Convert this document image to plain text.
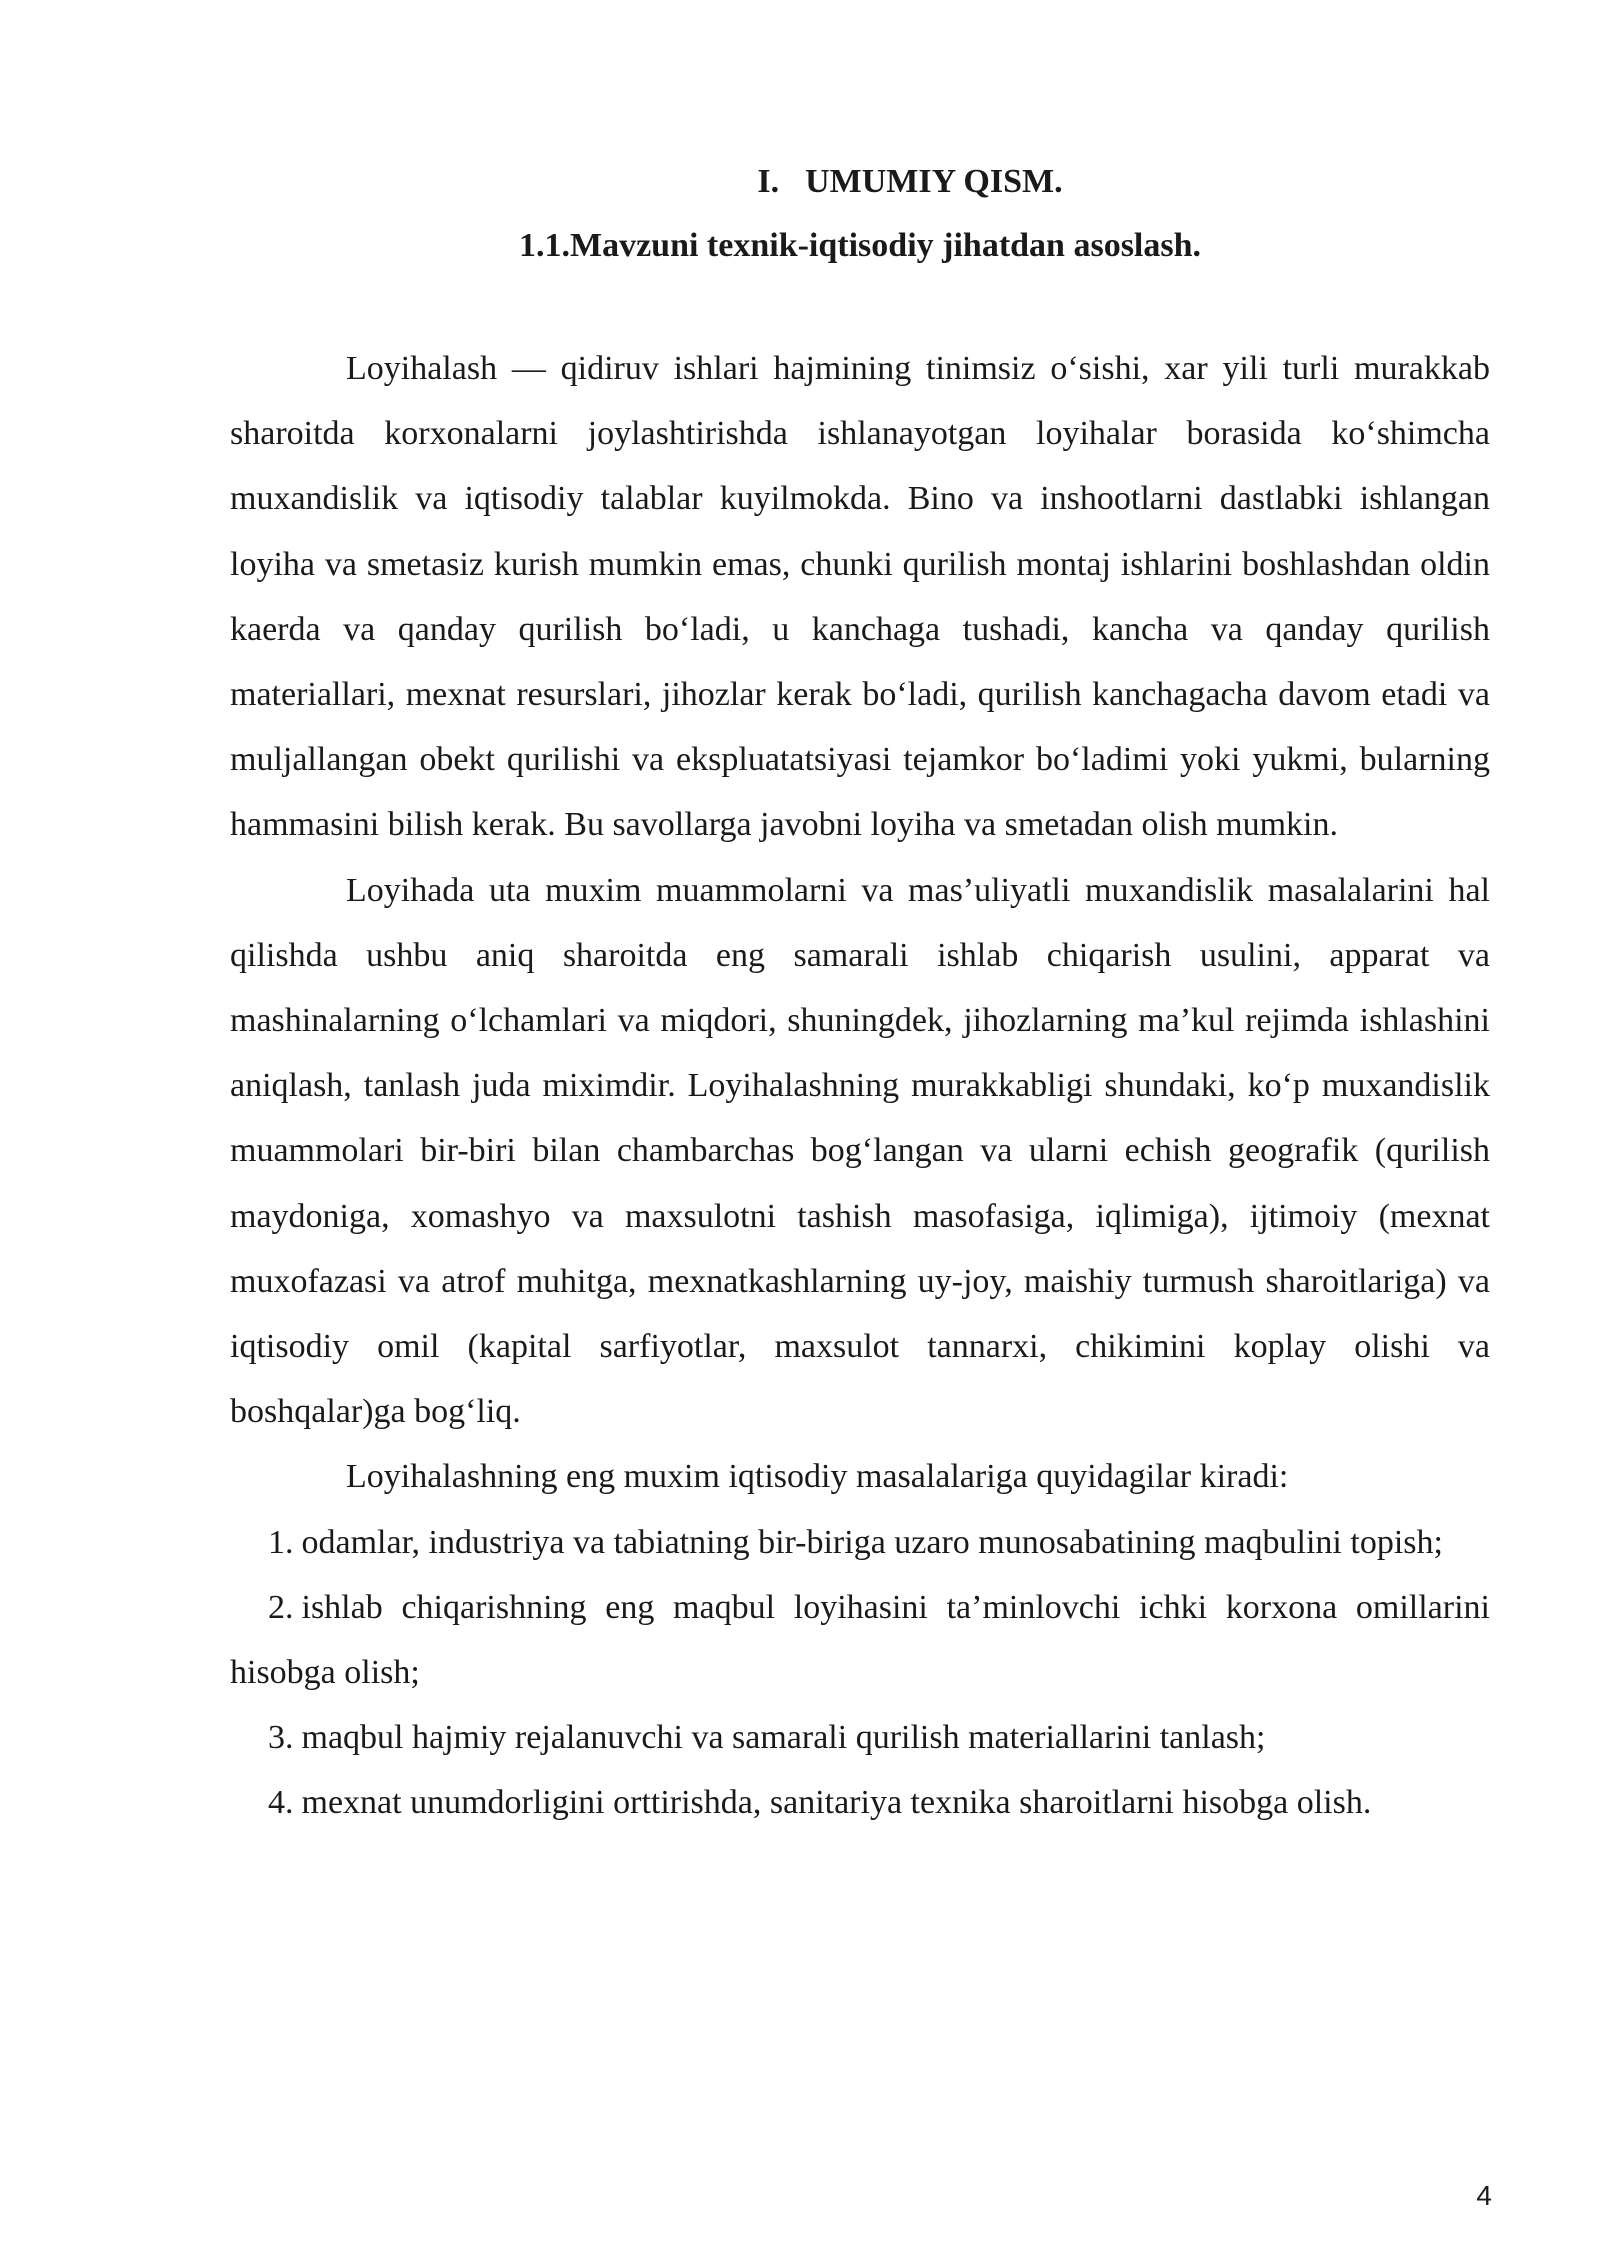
I. UMUMIY QISM.
1.1.Mavzuni texnik-iqtisodiy jihatdan asoslash.

Loyihalash — qidiruv ishlari hajmining tinimsiz o‘sishi, xar yili turli murakkab sharoitda korxonalarni joylashtirishda ishlanayotgan loyihalar borasida ko‘shimcha muxandislik va iqtisodiy talablar kuyilmokda. Bino va inshootlarni dastlabki ishlangan loyiha va smetasiz kurish mumkin emas, chunki qurilish montaj ishlarini boshlashdan oldin kaerda va qanday qurilish bo‘ladi, u kanchaga tushadi, kancha va qanday qurilish materiallari, mexnat resurslari, jihozlar kerak bo‘ladi, qurilish kanchagacha davom etadi va muljallangan obekt qurilishi va ekspluatatsiyasi tejamkor bo‘ladimi yoki yukmi, bularning hammasini bilish kerak. Bu savollarga javobni loyiha va smetadan olish mumkin.

Loyihada uta muxim muammolarni va mas’uliyatli muxandislik masalalarini hal qilishda ushbu aniq sharoitda eng samarali ishlab chiqarish usulini, apparat va mashinalarning o‘lchamlari va miqdori, shuningdek, jihozlarning ma’kul rejimda ishlashini aniqlash, tanlash juda miximdir. Loyihalashning murakkabligi shundaki, ko‘p muxandislik muammolari bir-biri bilan chambarchas bog‘langan va ularni echish geografik (qurilish maydoniga, xomashyo va maxsulotni tashish masofasiga, iqlimiga), ijtimoiy (mexnat muxofazasi va atrof muhitga, mexnatkashlarning uy-joy, maishiy turmush sharoitlariga) va iqtisodiy omil (kapital sarfiyotlar, maxsulot tannarxi, chikimini koplay olishi va boshqalar)ga bog‘liq.

Loyihalashning eng muxim iqtisodiy masalalariga quyidagilar kiradi:

1. odamlar, industriya va tabiatning bir-biriga uzaro munosabatining maqbulini topish;

2. ishlab chiqarishning eng maqbul loyihasini ta’minlovchi ichki korxona omillarini hisobga olish;

3. maqbul hajmiy rejalanuvchi va samarali qurilish materiallarini tanlash;

4. mexnat unumdorligini orttirishda, sanitariya texnika sharoitlarni hisobga olish.

4
